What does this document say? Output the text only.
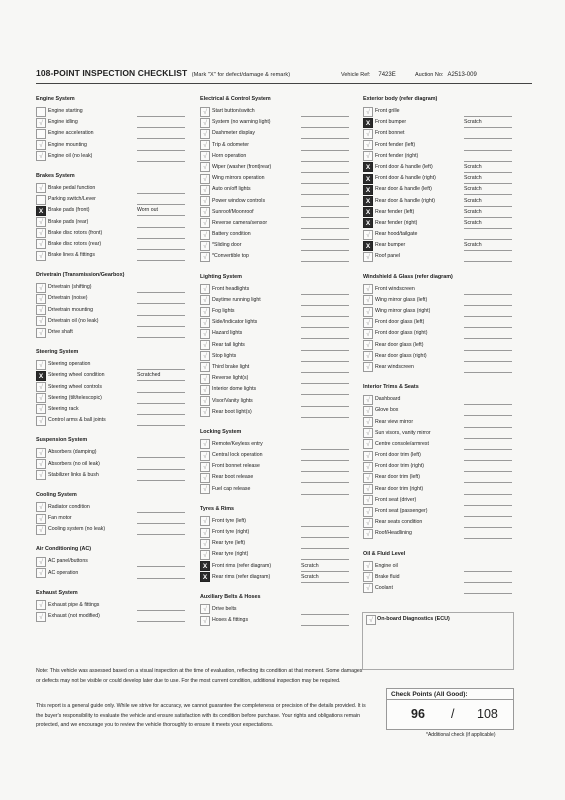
108-POINT INSPECTION CHECKLIST (Mark "X" for defect/damage & remark)	Vehicle Ref: 7423E	Auction No: A2513-009
Engine System
Engine starting
√ Engine idling
Engine acceleration
√ Engine mounting
√ Engine oil (no leak)
Brakes System
√ Brake pedal function
Parking switch/Lever
X Brake pads (front)	Worn out
√ Brake pads (rear)
√ Brake disc rotors (front)
√ Brake disc rotors (rear)
√ Brake lines & fittings
Drivetrain (Transmission/Gearbox)
√ Drivetrain (shifting)
√ Drivetrain (noise)
√ Drivetrain mounting
√ Drivetrain oil (no leak)
√ Drive shaft
Steering System
√ Steering operation
X Steering wheel condition	Scratched
√ Steering wheel controls
√ Steering (tilt/telescopic)
√ Steering rack
√ Control arms & ball joints
Suspension System
√ Absorbers (damping)
√ Absorbers (no oil leak)
√ Stabilizer links & bush
Cooling System
√ Radiator condition
√ Fan motor
√ Cooling system (no leak)
Air Conditioning (AC)
√ AC panel/buttons
√ AC operation
Exhaust System
√ Exhaust pipe & fittings
√ Exhaust (not modified)
Electrical & Control System
√ Start button/switch
√ System (no warning light)
√ Dashmeter display
√ Trip & odometer
√ Horn operation
√ Wiper (washer (front|rear)
√ Wing mirrors operation
√ Auto on/off lights
√ Power window controls
√ Sunroof/Moonroof
√ Reverse camera/sensor
√ Battery condition
√ *Sliding door
√ *Convertible top
Lighting System
√ Front headlights
√ Daytime running light
√ Fog lights
√ Side/Indicator lights
√ Hazard lights
√ Rear tail lights
√ Stop lights
√ Third brake light
√ Reverse light(s)
√ Interior dome lights
√ Visor/Vanity lights
√ Rear boot light(s)
Locking System
√ Remote/Keyless entry
√ Central lock operation
√ Front bonnet release
√ Rear boot release
√ Fuel cap release
Tyres & Rims
√ Front tyre (left)
√ Front tyre (right)
√ Rear tyre (left)
√ Rear tyre (right)
X Front rims (refer diagram)	Scratch
X Rear rims (refer diagram)	Scratch
Auxiliary Belts & Hoses
√ Drive belts
√ Hoses & fittings
Exterior body (refer diagram)
√ Front grille
X Front bumper	Scratch
√ Front bonnet
√ Front fender (left)
√ Front fender (right)
X Front door & handle (left)	Scratch
X Front door & handle (right)	Scratch
X Rear door & handle (left)	Scratch
X Rear door & handle (right)	Scratch
X Rear fender (left)	Scratch
X Rear fender (right)	Scratch
√ Rear hood/tailgate
X Rear bumper	Scratch
√ Roof panel
Windshield & Glass (refer diagram)
√ Front windscreen
√ Wing mirror glass (left)
√ Wing mirror glass (right)
√ Front door glass (left)
√ Front door glass (right)
√ Rear door glass (left)
√ Rear door glass (right)
√ Rear windscreen
Interior Trims & Seats
√ Dashboard
√ Glove box
√ Rear view mirror
√ Sun visors, vanity mirror
√ Centre console/armrest
√ Front door trim (left)
√ Front door trim (right)
√ Rear door trim (left)
√ Rear door trim (right)
√ Front seat (driver)
√ Front seat (passenger)
√ Rear seats condition
√ Roof/Headlining
Oil & Fluid Level
√ Engine oil
√ Brake fluid
√ Coolant
√ On-board Diagnostics (ECU)
Note: This vehicle was assessed based on a visual inspection at the time of evaluation, reflecting its condition at that moment. Some damages or defects may not be visible or could develop later due to use. For the most current condition, additional inspection may be required.
This report is a general guide only. While we strive for accuracy, we cannot guarantee the completeness or precision of the details provided. It is the buyer's responsibility to evaluate the vehicle and ensure satisfaction with its condition before purchase. Your rights and obligations remain protected, and we encourage you to review the vehicle thoroughly to ensure it meets your expectations.
Check Points (All Good):
96 / 108
*Additional check (if applicable)
